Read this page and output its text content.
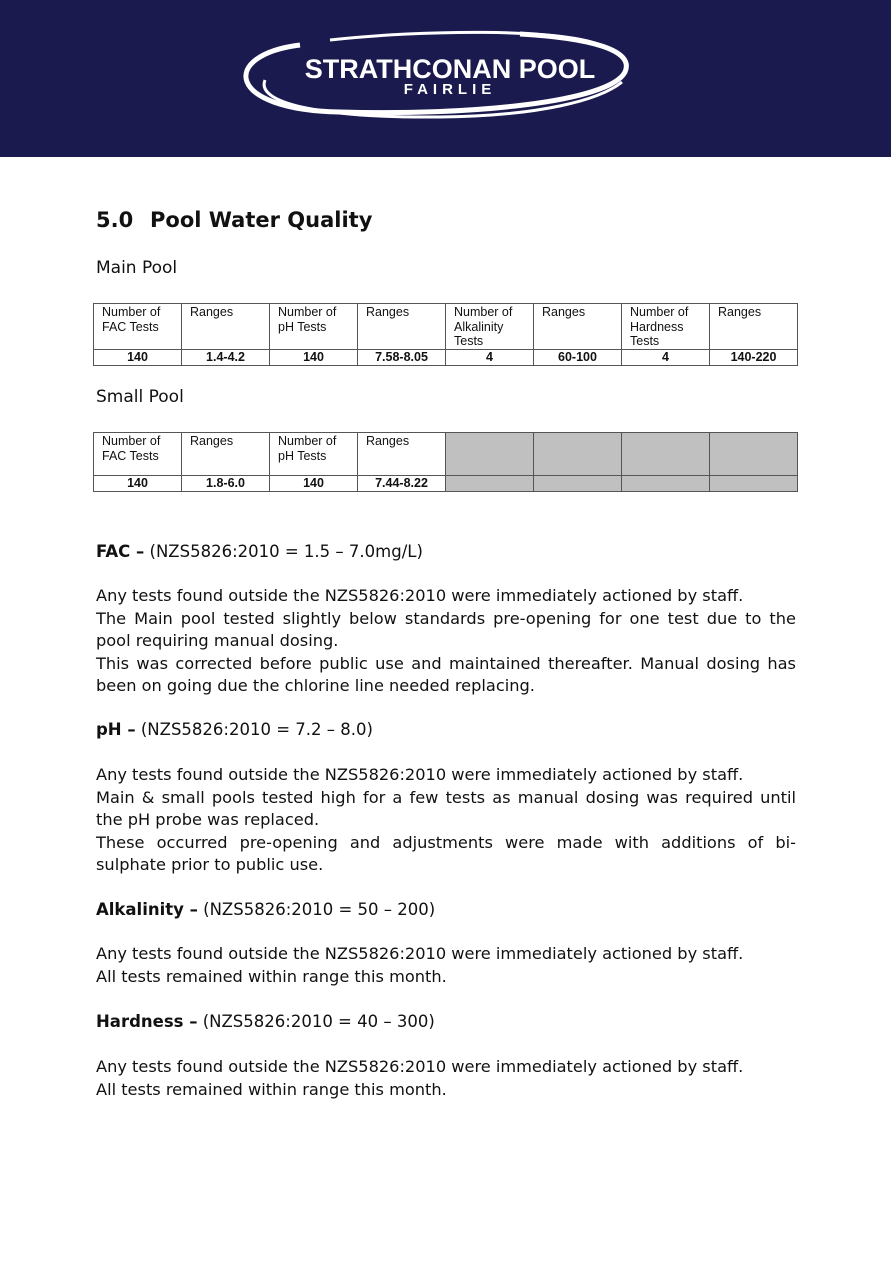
STRATHCONAN POOL
FAIRLIE
5.0 Pool Water Quality
Main Pool
Number of FAC Tests	Ranges	Number of pH Tests	Ranges	Number of Alkalinity Tests	Ranges	Number of Hardness Tests	Ranges
140	1.4-4.2	140	7.58-8.05	4	60-100	4	140-220
Small Pool
Number of FAC Tests	Ranges	Number of pH Tests	Ranges				
140	1.8-6.0	140	7.44-8.22				

FAC – (NZS5826:2010 = 1.5 – 7.0mg/L)

Any tests found outside the NZS5826:2010 were immediately actioned by staff.
The Main pool tested slightly below standards pre-opening for one test due to the pool requiring manual dosing.
This was corrected before public use and maintained thereafter. Manual dosing has been on going due the chlorine line needed replacing.

pH – (NZS5826:2010 = 7.2 – 8.0)

Any tests found outside the NZS5826:2010 were immediately actioned by staff.
Main & small pools tested high for a few tests as manual dosing was required until the pH probe was replaced.
These occurred pre-opening and adjustments were made with additions of bi-sulphate prior to public use.

Alkalinity – (NZS5826:2010 = 50 – 200)

Any tests found outside the NZS5826:2010 were immediately actioned by staff.
All tests remained within range this month.

Hardness – (NZS5826:2010 = 40 – 300)

Any tests found outside the NZS5826:2010 were immediately actioned by staff.
All tests remained within range this month.
